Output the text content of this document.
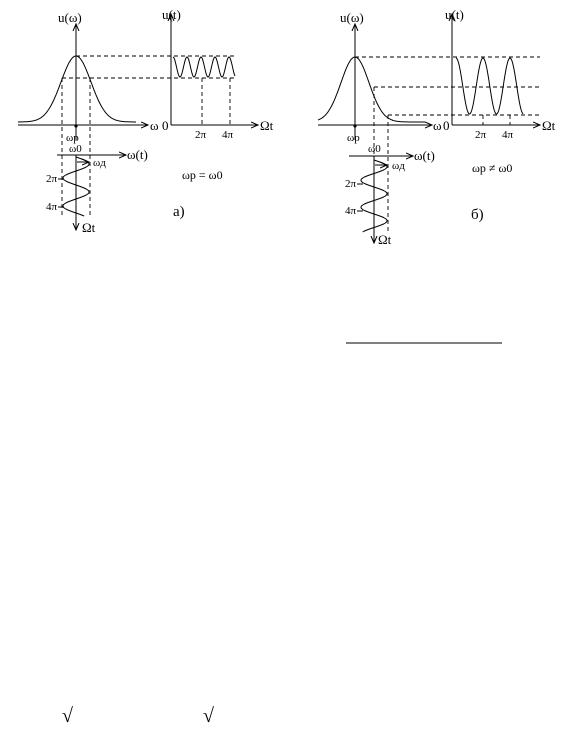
u(ω)
ω 0
u(t)
Ωt
2π 4π
ωр
ω0	ω(t)
Ωt
ωд
2π
4π
ωр = ω0
а)
u(ω)
ω 0
u(t)
Ωt
2π 4π
ωр
ω0	ω(t)
Ωt
ωд
2π
4π
ωр ≠ ω0
б)
√	√
